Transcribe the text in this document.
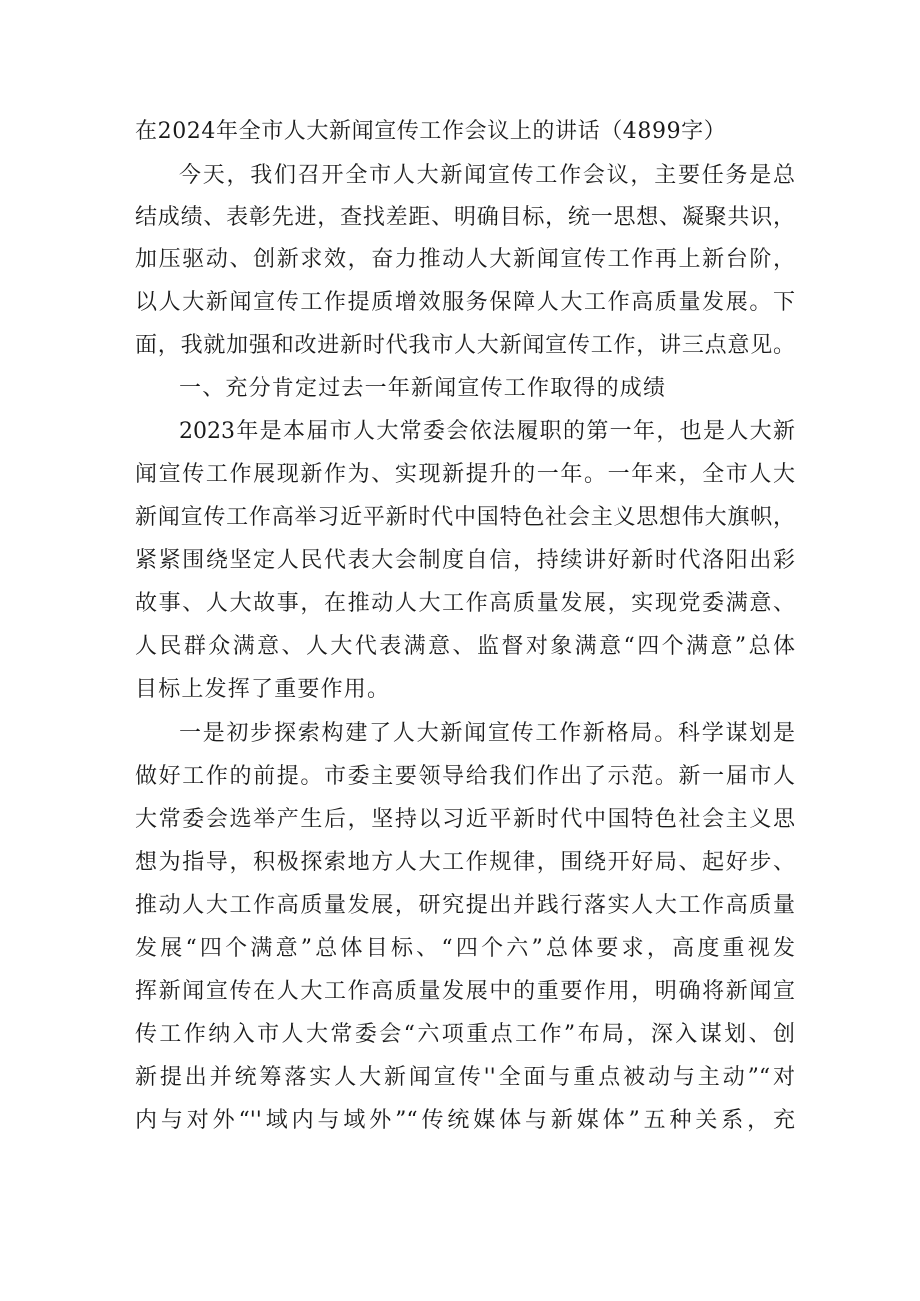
在2024年全市人大新闻宣传工作会议上的讲话（4899字）
今天，我们召开全市人大新闻宣传工作会议，主要任务是总
结成绩、表彰先进，查找差距、明确目标，统一思想、凝聚共识，
加压驱动、创新求效，奋力推动人大新闻宣传工作再上新台阶，
以人大新闻宣传工作提质增效服务保障人大工作高质量发展。下
面，我就加强和改进新时代我市人大新闻宣传工作，讲三点意见。
一、充分肯定过去一年新闻宣传工作取得的成绩
2023年是本届市人大常委会依法履职的第一年，也是人大新
闻宣传工作展现新作为、实现新提升的一年。一年来，全市人大
新闻宣传工作高举习近平新时代中国特色社会主义思想伟大旗帜，
紧紧围绕坚定人民代表大会制度自信，持续讲好新时代洛阳出彩
故事、人大故事，在推动人大工作高质量发展，实现党委满意、
人民群众满意、人大代表满意、监督对象满意“四个满意”总体
目标上发挥了重要作用。
一是初步探索构建了人大新闻宣传工作新格局。科学谋划是
做好工作的前提。市委主要领导给我们作出了示范。新一届市人
大常委会选举产生后，坚持以习近平新时代中国特色社会主义思
想为指导，积极探索地方人大工作规律，围绕开好局、起好步、
推动人大工作高质量发展，研究提出并践行落实人大工作高质量
发展“四个满意”总体目标、“四个六”总体要求，高度重视发
挥新闻宣传在人大工作高质量发展中的重要作用，明确将新闻宣
传工作纳入市人大常委会“六项重点工作”布局，深入谋划、创
新提出并统筹落实人大新闻宣传''全面与重点被动与主动”“对
内与对外“''域内与域外”“传统媒体与新媒体”五种关系，充
